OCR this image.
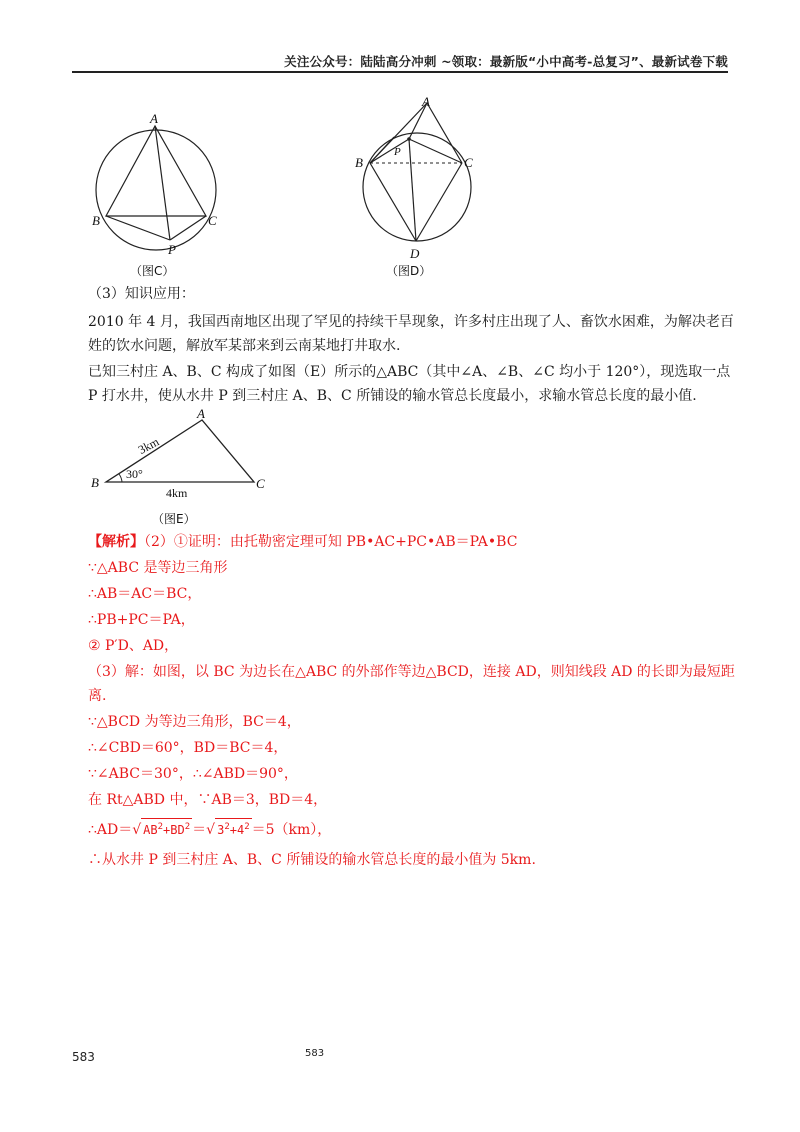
关注公众号：陆陆高分冲刺 ~领取：最新版“小中高考-总复习”、最新试卷下载
A
B	C
P
（图C）
A
B	C
P
D
（图D）
（3）知识应用：
2010 年 4 月，我国西南地区出现了罕见的持续干旱现象，许多村庄出现了人、畜饮水困难，为解决老百
姓的饮水问题，解放军某部来到云南某地打井取水.
已知三村庄 A、B、C 构成了如图（E）所示的△ABC（其中∠A、∠B、∠C 均小于 120°），现选取一点
P 打水井，使从水井 P 到三村庄 A、B、C 所铺设的输水管总长度最小，求输水管总长度的最小值.
A
B	C
3km
4km
30°
（图E）
【解析】（2）①证明：由托勒密定理可知 PB•AC+PC•AB＝PA•BC
∵△ABC 是等边三角形
∴AB＝AC＝BC，
∴PB+PC＝PA，
② P′D、AD，
（3）解：如图，以 BC 为边长在△ABC 的外部作等边△BCD，连接 AD，则知线段 AD 的长即为最短距
离.
∵△BCD 为等边三角形，BC＝4，
∴∠CBD＝60°，BD＝BC＝4，
∵∠ABC＝30°，∴∠ABD＝90°，
在 Rt△ABD 中，∵AB＝3，BD＝4，
∴AD＝√ $AB^2+BD^2$ ＝√ $3^2+4^2 =5(km)$，
∴从水井 P 到三村庄 A、B、C 所铺设的输水管总长度的最小值为 5km.
583	583
